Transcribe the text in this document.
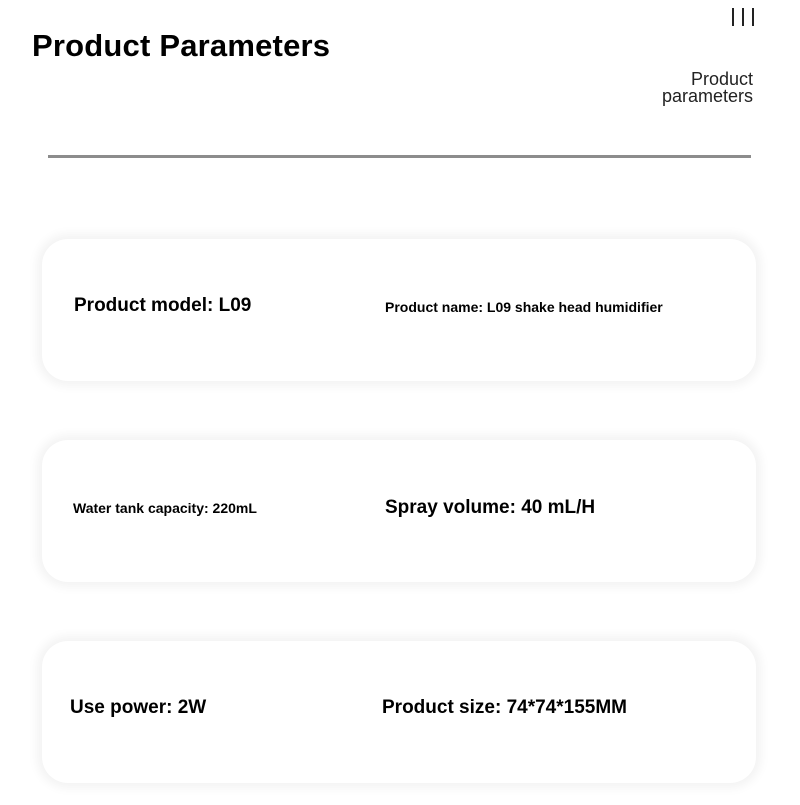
Product Parameters
Product
parameters
Product model: L09	Product name: L09 shake head humidifier
Water tank capacity: 220mL	Spray volume: 40 mL/H
Use power: 2W	Product size: 74*74*155MM
